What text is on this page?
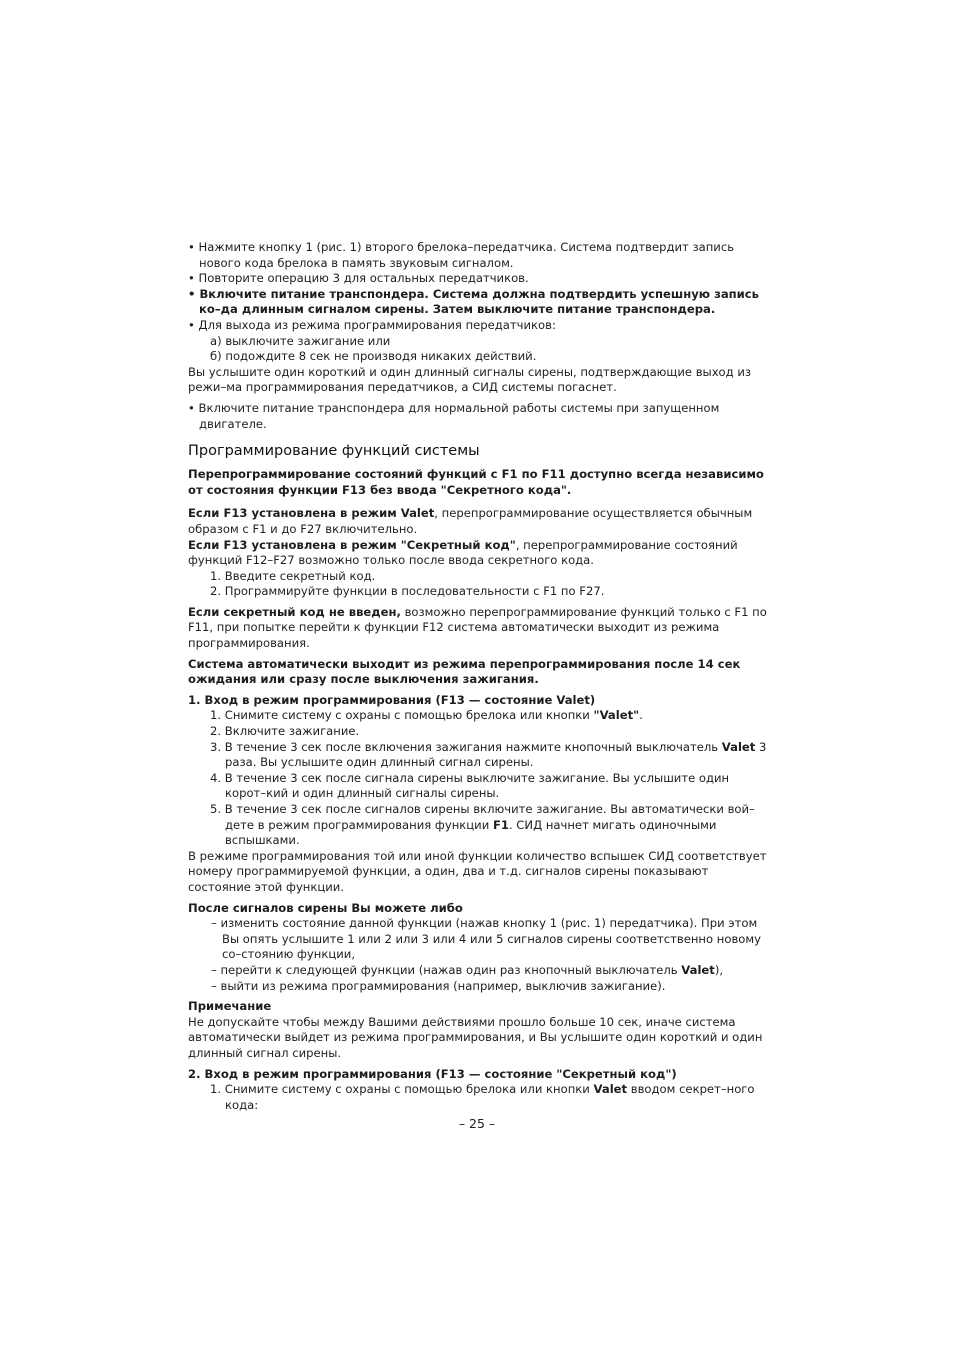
• Нажмите кнопку 1 (рис. 1) второго брелока–передатчика. Система подтвердит запись нового кода брелока в память звуковым сигналом.

• Повторите операцию 3 для остальных передатчиков.

• Включите питание транспондера. Система должна подтвердить успешную запись ко–да длинным сигналом сирены. Затем выключите питание транспондера.

• Для выхода из режима программирования передатчиков:

а) выключите зажигание или

б) подождите 8 сек не производя никаких действий.

Вы услышите один короткий и один длинный сигналы сирены, подтверждающие выход из режи–ма программирования передатчиков, а СИД системы погаснет.

• Включите питание транспондера для нормальной работы системы при запущенном двигателе.

Программирование функций системы

Перепрограммирование состояний функций с F1 по F11 доступно всегда независимо от состояния функции F13 без ввода "Секретного кода".

Если F13 установлена в режим Valet, перепрограммирование осуществляется обычным образом с F1 и до F27 включительно.

Если F13 установлена в режим "Секретный код", перепрограммирование состояний функций F12–F27 возможно только после ввода секретного кода.

1. Введите секретный код.

2. Программируйте функции в последовательности с F1 по F27.

Если секретный код не введен, возможно перепрограммирование функций только с F1 по F11, при попытке перейти к функции F12 система автоматически выходит из режима программирования.

Система автоматически выходит из режима перепрограммирования после 14 сек ожидания или сразу после выключения зажигания.

1. Вход в режим программирования (F13 — состояние Valet)

1. Снимите систему с охраны с помощью брелока или кнопки "Valet".

2. Включите зажигание.

3. В течение 3 сек после включения зажигания нажмите кнопочный выключатель Valet 3 раза. Вы услышите один длинный сигнал сирены.

4. В течение 3 сек после сигнала сирены выключите зажигание. Вы услышите один корот–кий и один длинный сигналы сирены.

5. В течение 3 сек после сигналов сирены включите зажигание. Вы автоматически вой–дете в режим программирования функции F1. СИД начнет мигать одиночными вспышками.

В режиме программирования той или иной функции количество вспышек СИД соответствует номеру программируемой функции, а один, два и т.д. сигналов сирены показывают состояние этой функции.

После сигналов сирены Вы можете либо

– изменить состояние данной функции (нажав кнопку 1 (рис. 1) передатчика). При этом Вы опять услышите 1 или 2 или 3 или 4 или 5 сигналов сирены соответственно новому со–стоянию функции,

– перейти к следующей функции (нажав один раз кнопочный выключатель Valet),

– выйти из режима программирования (например, выключив зажигание).

Примечание

Не допускайте чтобы между Вашими действиями прошло больше 10 сек, иначе система автоматически выйдет из режима программирования, и Вы услышите один короткий и один длинный сигнал сирены.

2. Вход в режим программирования (F13 — состояние "Секретный код")

1. Снимите систему с охраны с помощью брелока или кнопки Valet вводом секрет–ного кода:

– 25 –
